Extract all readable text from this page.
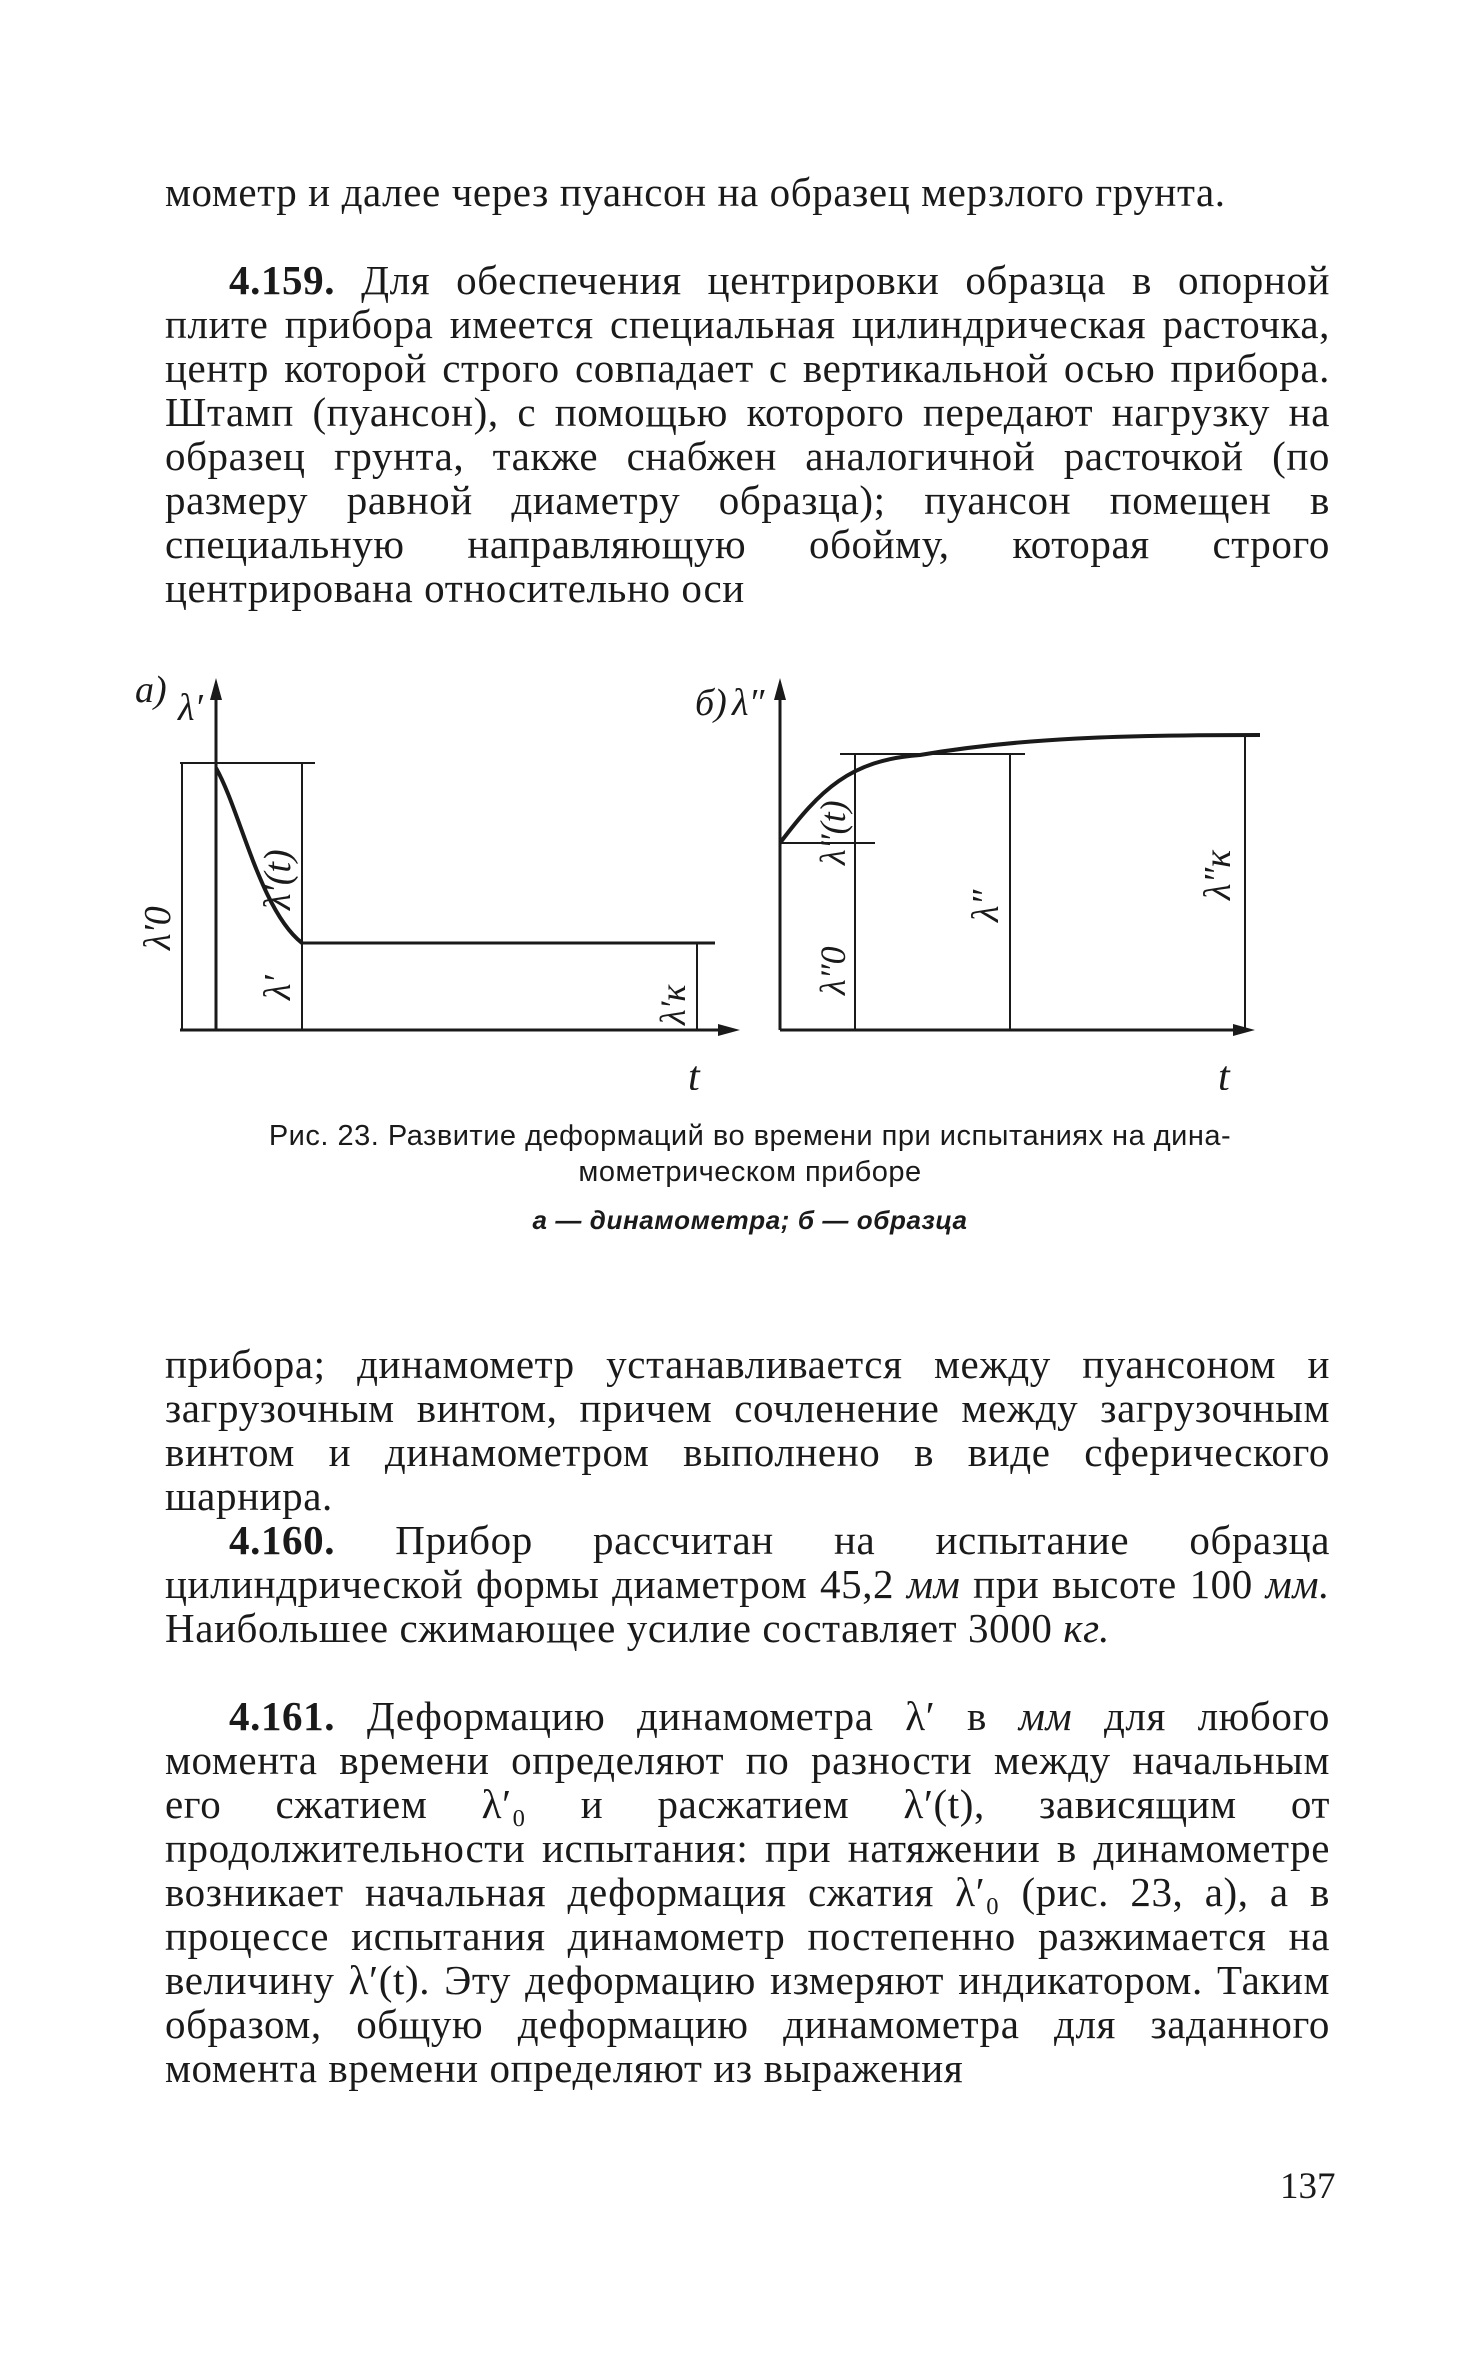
мометр и далее через пуансон на образец мерзлого грунта.

4.159. Для обеспечения центрировки образца в опорной плите прибора имеется специальная цилиндрическая расточка, центр которой строго совпадает с вертикальной осью прибора. Штамп (пуансон), с помощью которого передают нагрузку на образец грунта, также снабжен аналогичной расточкой (по размеру равной диаметру образца); пуансон помещен в специальную направляющую обойму, которая строго центрирована относительно оси

а) λ′
t
λ′0
λ′(t)
λ′	λ′к
б) λ″
t
λ″(t)
λ″0
λ″
λ″к
Рис. 23. Развитие деформаций во времени при испытаниях на дина-
мометрическом приборе
а — динамометра; б — образца

прибора; динамометр устанавливается между пуансоном и загрузочным винтом, причем сочленение между загрузочным винтом и динамометром выполнено в виде сферического шарнира.

4.160. Прибор рассчитан на испытание образца цилиндрической формы диаметром 45,2 мм при высоте 100 мм. Наибольшее сжимающее усилие составляет 3000 кг.

4.161. Деформацию динамометра λ′ в мм для любого момента времени определяют по разности между начальным его сжатием λ′₀ и расжатием λ′(t), зависящим от продолжительности испытания: при натяжении в динамометре возникает начальная деформация сжатия λ′₀ (рис. 23, а), а в процессе испытания динамометр постепенно разжимается на величину λ′(t). Эту деформацию измеряют индикатором. Таким образом, общую деформацию динамометра для заданного момента времени определяют из выражения

137
